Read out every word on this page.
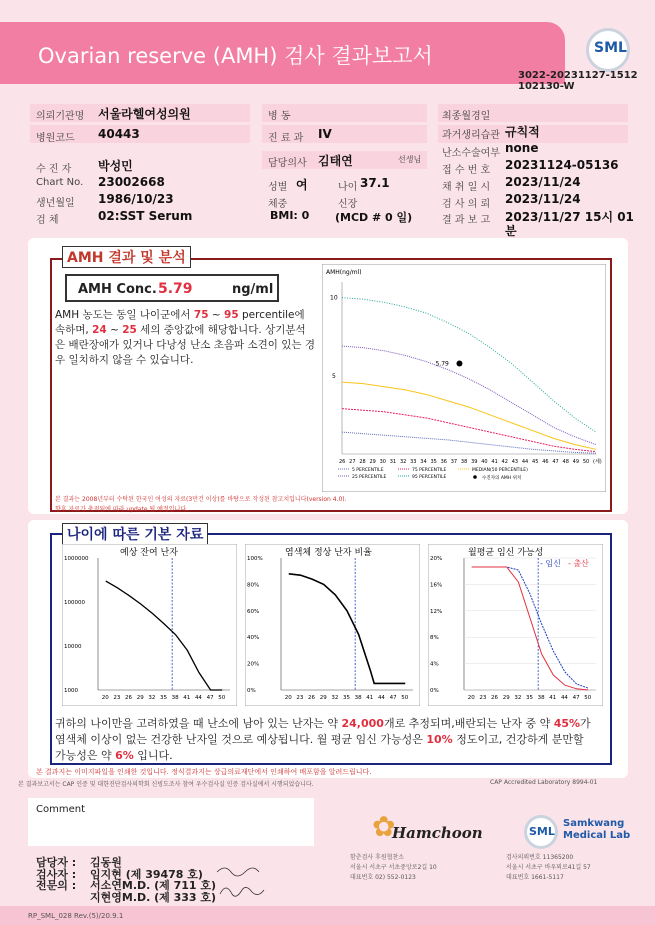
Ovarian reserve (AMH) 검사 결과보고서	SML
3022-20231127-1512
102130-W
의뢰기관명 서울라헬여성의원
병원코드 40443
수 진 자 박성민
Chart No. 23002668
생년월일 1986/10/23
검 체	02:SST Serum
병 동
진 료 과 IV
담당의사 김태연	선생님
성별 여	나이 37.1
체중	신장
BMI: 0 (MCD # 0 일)
최종월경일
과거생리습관 규칙적
난소수술여부 none
접 수 번 호 20231124-05136
채 취 일 시 2023/11/24
검 사 의 뢰 2023/11/24
결 과 보 고 2023/11/27 15시 01
분
AMH 결과 및 분석
AMH Conc. 5.79	ng/ml
AMH 농도는 동일 나이군에서 75 ~ 95 percentile에 속하며, 24 ~ 25 세의 중앙값에 해당합니다. 상기분석은 배란장애가 있거나 다낭성 난소 초음파 소견이 있는 경우 일치하지 않을 수 있습니다.
본 결과는 2008년부터 수탁된 한국인 여성의 자료(3만건 이상)를 바탕으로 작성된 참고치입니다(version 4.0).
향후 자료가 축적됨에 따라 update 될 예정입니다.
AMH(ng/ml)
10
5
26 27 28 29 30 31 32 33 34 35 36 37 38 39 40 41 42 43 44 45 46 47 48 49 50 (세)
5.79
5 PERCENTILE
25 PERCENTILE
MEDIAN(50 PERCENTILE)
75 PERCENTILE
95 PERCENTILE	수진자의 AMH 위치
나이에 따른 기본 자료
예상 잔여 난자
1000000
100000
10000
1000
20 23 26 29 32 35 38 41 44 47 50
염색체 정상 난자 비율
100%
80%
60%
40%
20%
0%
20 23 26 29 32 35 38 41 44 47 50
월평균 임신 가능성
20%
16%
12%
8%
4%
0%
20 23 26 29 32 35 38 41 44 47 50
- 임신 - 출산
귀하의 나이만을 고려하였을 때 난소에 남아 있는 난자는 약 24,000개로 추정되며,배란되는 난자 중 약 45%가 염색체 이상이 없는 건강한 난자일 것으로 예상됩니다. 월 평균 임신 가능성은 10% 정도이고, 건강하게 분만할 가능성은 약 6% 입니다.
본 결과지는 이미지파일을 인쇄한 것입니다. 정식결과지는 상급의료재단에서 인쇄하여 배포함을 알려드립니다.
본 결과보고서는 CAP 인증 및 대한진단검사의학회 신빙도조사 참여 우수검사실 인증 검사실에서 시행되었습니다.	CAP Accredited Laboratory 8994-01
Comment
담당자 : 김동원
검사자 : 임지현 (제 39478 호)
전문의 : 서소연M.D. (제 711 호)
지현영M.D. (제 333 호)
✿
Hamchoon
함춘검사 후원협찬소
서울시 서초구 서초중앙로2길 10
대표번호 02) 552-0123
SML
Samkwang
Medical Lab
검사의뢰번호 11365200
서울시 서초구 바우뫼로41길 57
대표번호 1661-5117
RP_SML_028 Rev.(5)/20.9.1
